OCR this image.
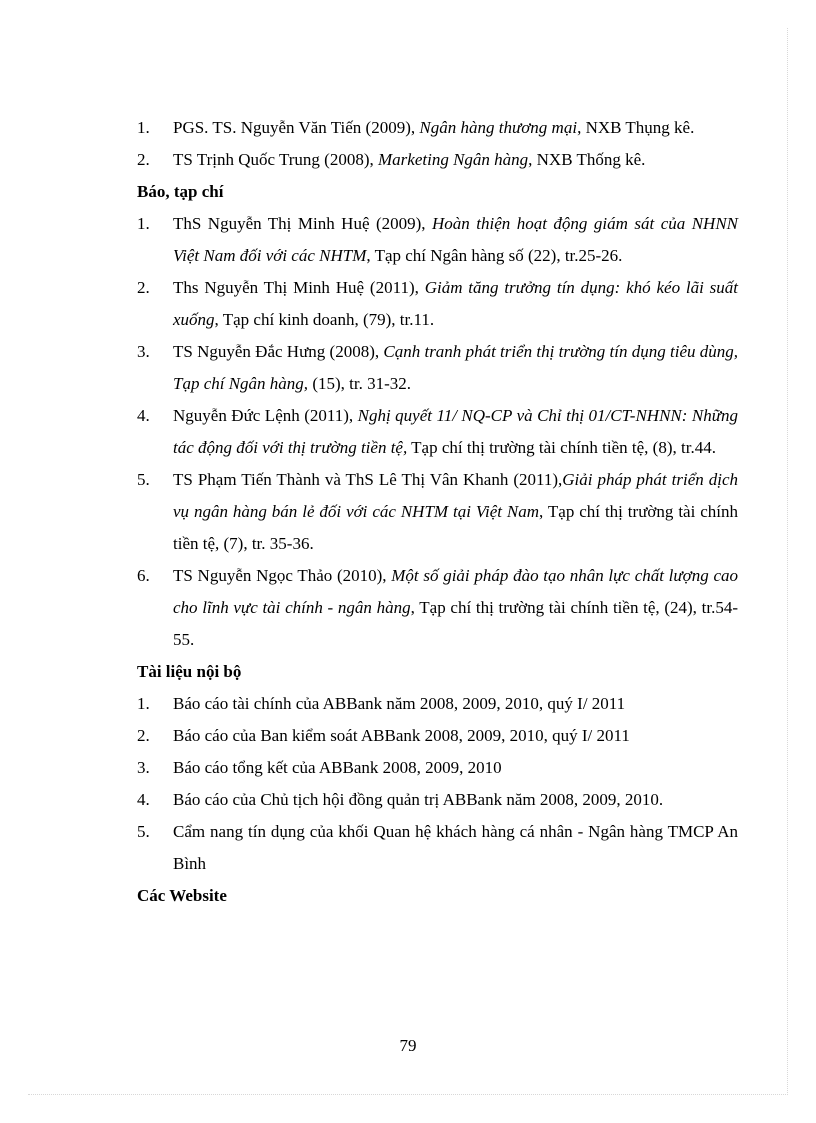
1.	PGS. TS. Nguyễn Văn Tiến (2009), Ngân hàng thương mại, NXB Thụng kê.
2.	TS Trịnh Quốc Trung (2008), Marketing Ngân hàng, NXB Thống kê.
Báo, tạp chí
1.	ThS Nguyễn Thị Minh Huệ (2009), Hoàn thiện hoạt động giám sát của NHNN Việt Nam đối với các NHTM, Tạp chí Ngân hàng số (22), tr.25-26.
2.	Ths Nguyễn Thị Minh Huệ (2011), Giảm tăng trưởng tín dụng: khó kéo lãi suất xuống, Tạp chí kinh doanh, (79), tr.11.
3.	TS Nguyễn Đắc Hưng (2008), Cạnh tranh phát triển thị trường tín dụng tiêu dùng, Tạp chí Ngân hàng, (15), tr. 31-32.
4.	Nguyễn Đức Lệnh (2011), Nghị quyết 11/ NQ-CP và Chỉ thị 01/CT-NHNN: Những tác động đối với thị trường tiền tệ, Tạp chí thị trường tài chính tiền tệ, (8), tr.44.
5.	TS Phạm Tiến Thành và ThS Lê Thị Vân Khanh (2011),Giải pháp phát triển dịch vụ ngân hàng bán lẻ đối với các NHTM tại Việt Nam, Tạp chí thị trường tài chính tiền tệ, (7), tr. 35-36.
6.	TS Nguyễn Ngọc Thảo (2010), Một số giải pháp đào tạo nhân lực chất lượng cao cho lĩnh vực tài chính - ngân hàng, Tạp chí thị trường tài chính tiền tệ, (24), tr.54-55.
Tài liệu nội bộ
1.	Báo cáo tài chính của ABBank năm 2008, 2009, 2010, quý I/ 2011
2.	Báo cáo của Ban kiểm soát ABBank 2008, 2009, 2010, quý I/ 2011
3.	Báo cáo tổng kết của ABBank 2008, 2009, 2010
4.	Báo cáo của Chủ tịch hội đồng quản trị ABBank năm 2008, 2009, 2010.
5.	Cẩm nang tín dụng của khối Quan hệ khách hàng cá nhân - Ngân hàng TMCP An Bình
Các Website
79
